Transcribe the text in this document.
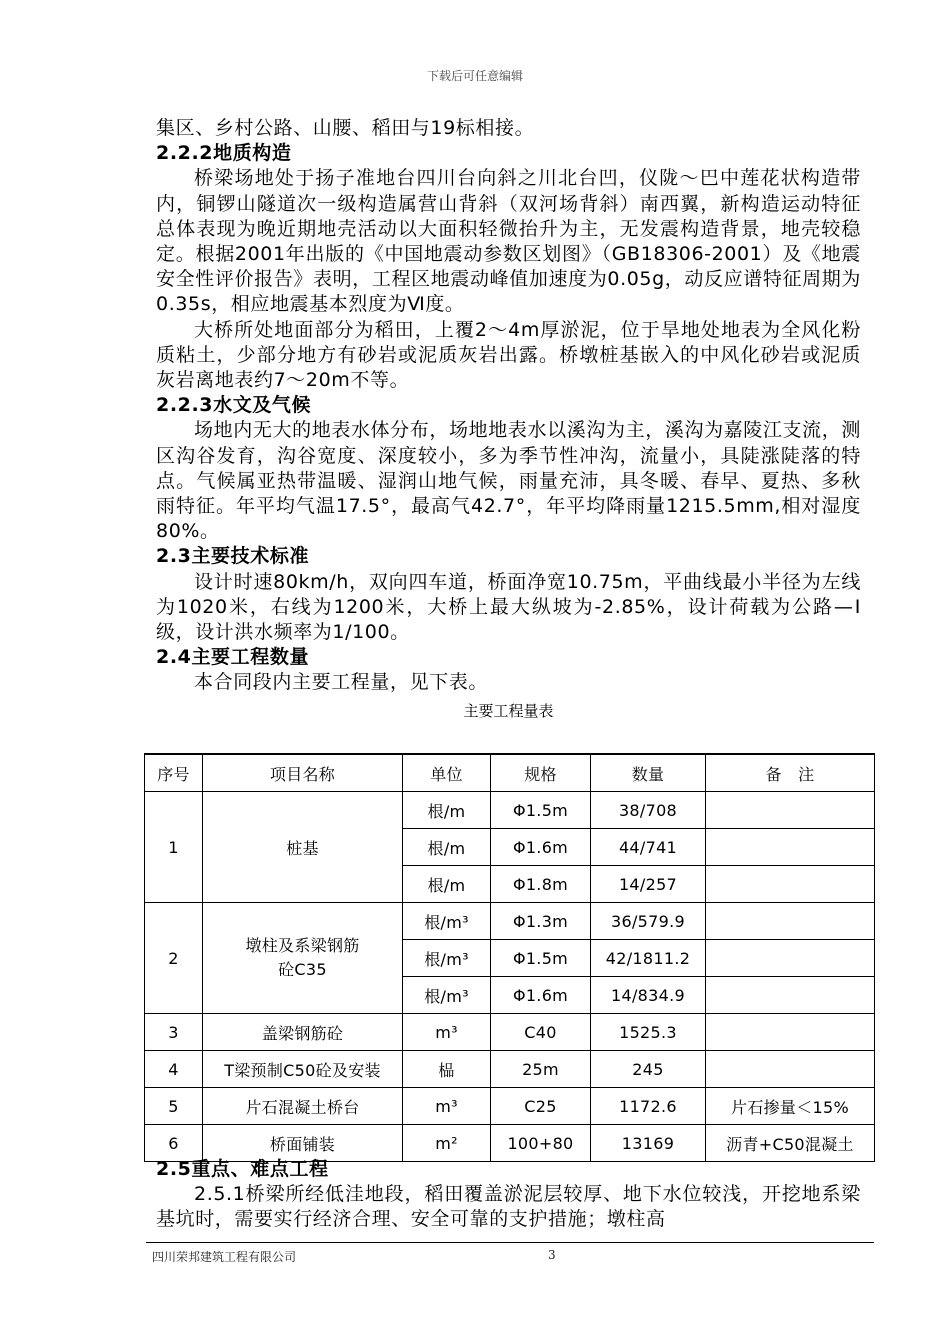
下载后可任意编辑

集区、乡村公路、山腰、稻田与19标相接。

2.2.2地质构造

桥梁场地处于扬子准地台四川台向斜之川北台凹，仪陇～巴中莲花状构造带内，铜锣山隧道次一级构造属营山背斜（双河场背斜）南西翼，新构造运动特征总体表现为晚近期地壳活动以大面积轻微抬升为主，无发震构造背景，地壳较稳定。根据2001年出版的《中国地震动参数区划图》（GB18306-2001）及《地震安全性评价报告》表明，工程区地震动峰值加速度为0.05g，动反应谱特征周期为0.35s，相应地震基本烈度为Ⅵ度。

大桥所处地面部分为稻田，上覆2～4m厚淤泥，位于旱地处地表为全风化粉质粘土，少部分地方有砂岩或泥质灰岩出露。桥墩桩基嵌入的中风化砂岩或泥质灰岩离地表约7～20m不等。

2.2.3水文及气候

场地内无大的地表水体分布，场地地表水以溪沟为主，溪沟为嘉陵江支流，测区沟谷发育，沟谷宽度、深度较小，多为季节性冲沟，流量小，具陡涨陡落的特点。气候属亚热带温暖、湿润山地气候，雨量充沛，具冬暖、春早、夏热、多秋雨特征。年平均气温17.5°，最高气42.7°，年平均降雨量1215.5mm,相对湿度80%。

2.3主要技术标准

设计时速80km/h，双向四车道，桥面净宽10.75m，平曲线最小半径为左线为1020米，右线为1200米，大桥上最大纵坡为-2.85%，设计荷载为公路—Ⅰ级，设计洪水频率为1/100。

2.4主要工程数量

本合同段内主要工程量，见下表。

主要工程量表
序号	项目名称	单位	规格	数量	备　注
1	桩基	根/m	Φ1.5m	38/708	
		根/m	Φ1.6m	44/741	
		根/m	Φ1.8m	14/257	
2	墩柱及系梁钢筋砼C35	根/m³	Φ1.3m	36/579.9	
		根/m³	Φ1.5m	42/1811.2	
		根/m³	Φ1.6m	14/834.9	
3	盖梁钢筋砼	m³	C40	1525.3	
4	T梁预制C50砼及安装	榀	25m	245	
5	片石混凝土桥台	m³	C25	1172.6	片石掺量＜15%
6	桥面铺装	m²	100+80	13169	沥青+C50混凝土
2.5重点、难点工程

2.5.1桥梁所经低洼地段，稻田覆盖淤泥层较厚、地下水位较浅，开挖地系梁基坑时，需要实行经济合理、安全可靠的支护措施；墩柱高

四川荣邦建筑工程有限公司	3
